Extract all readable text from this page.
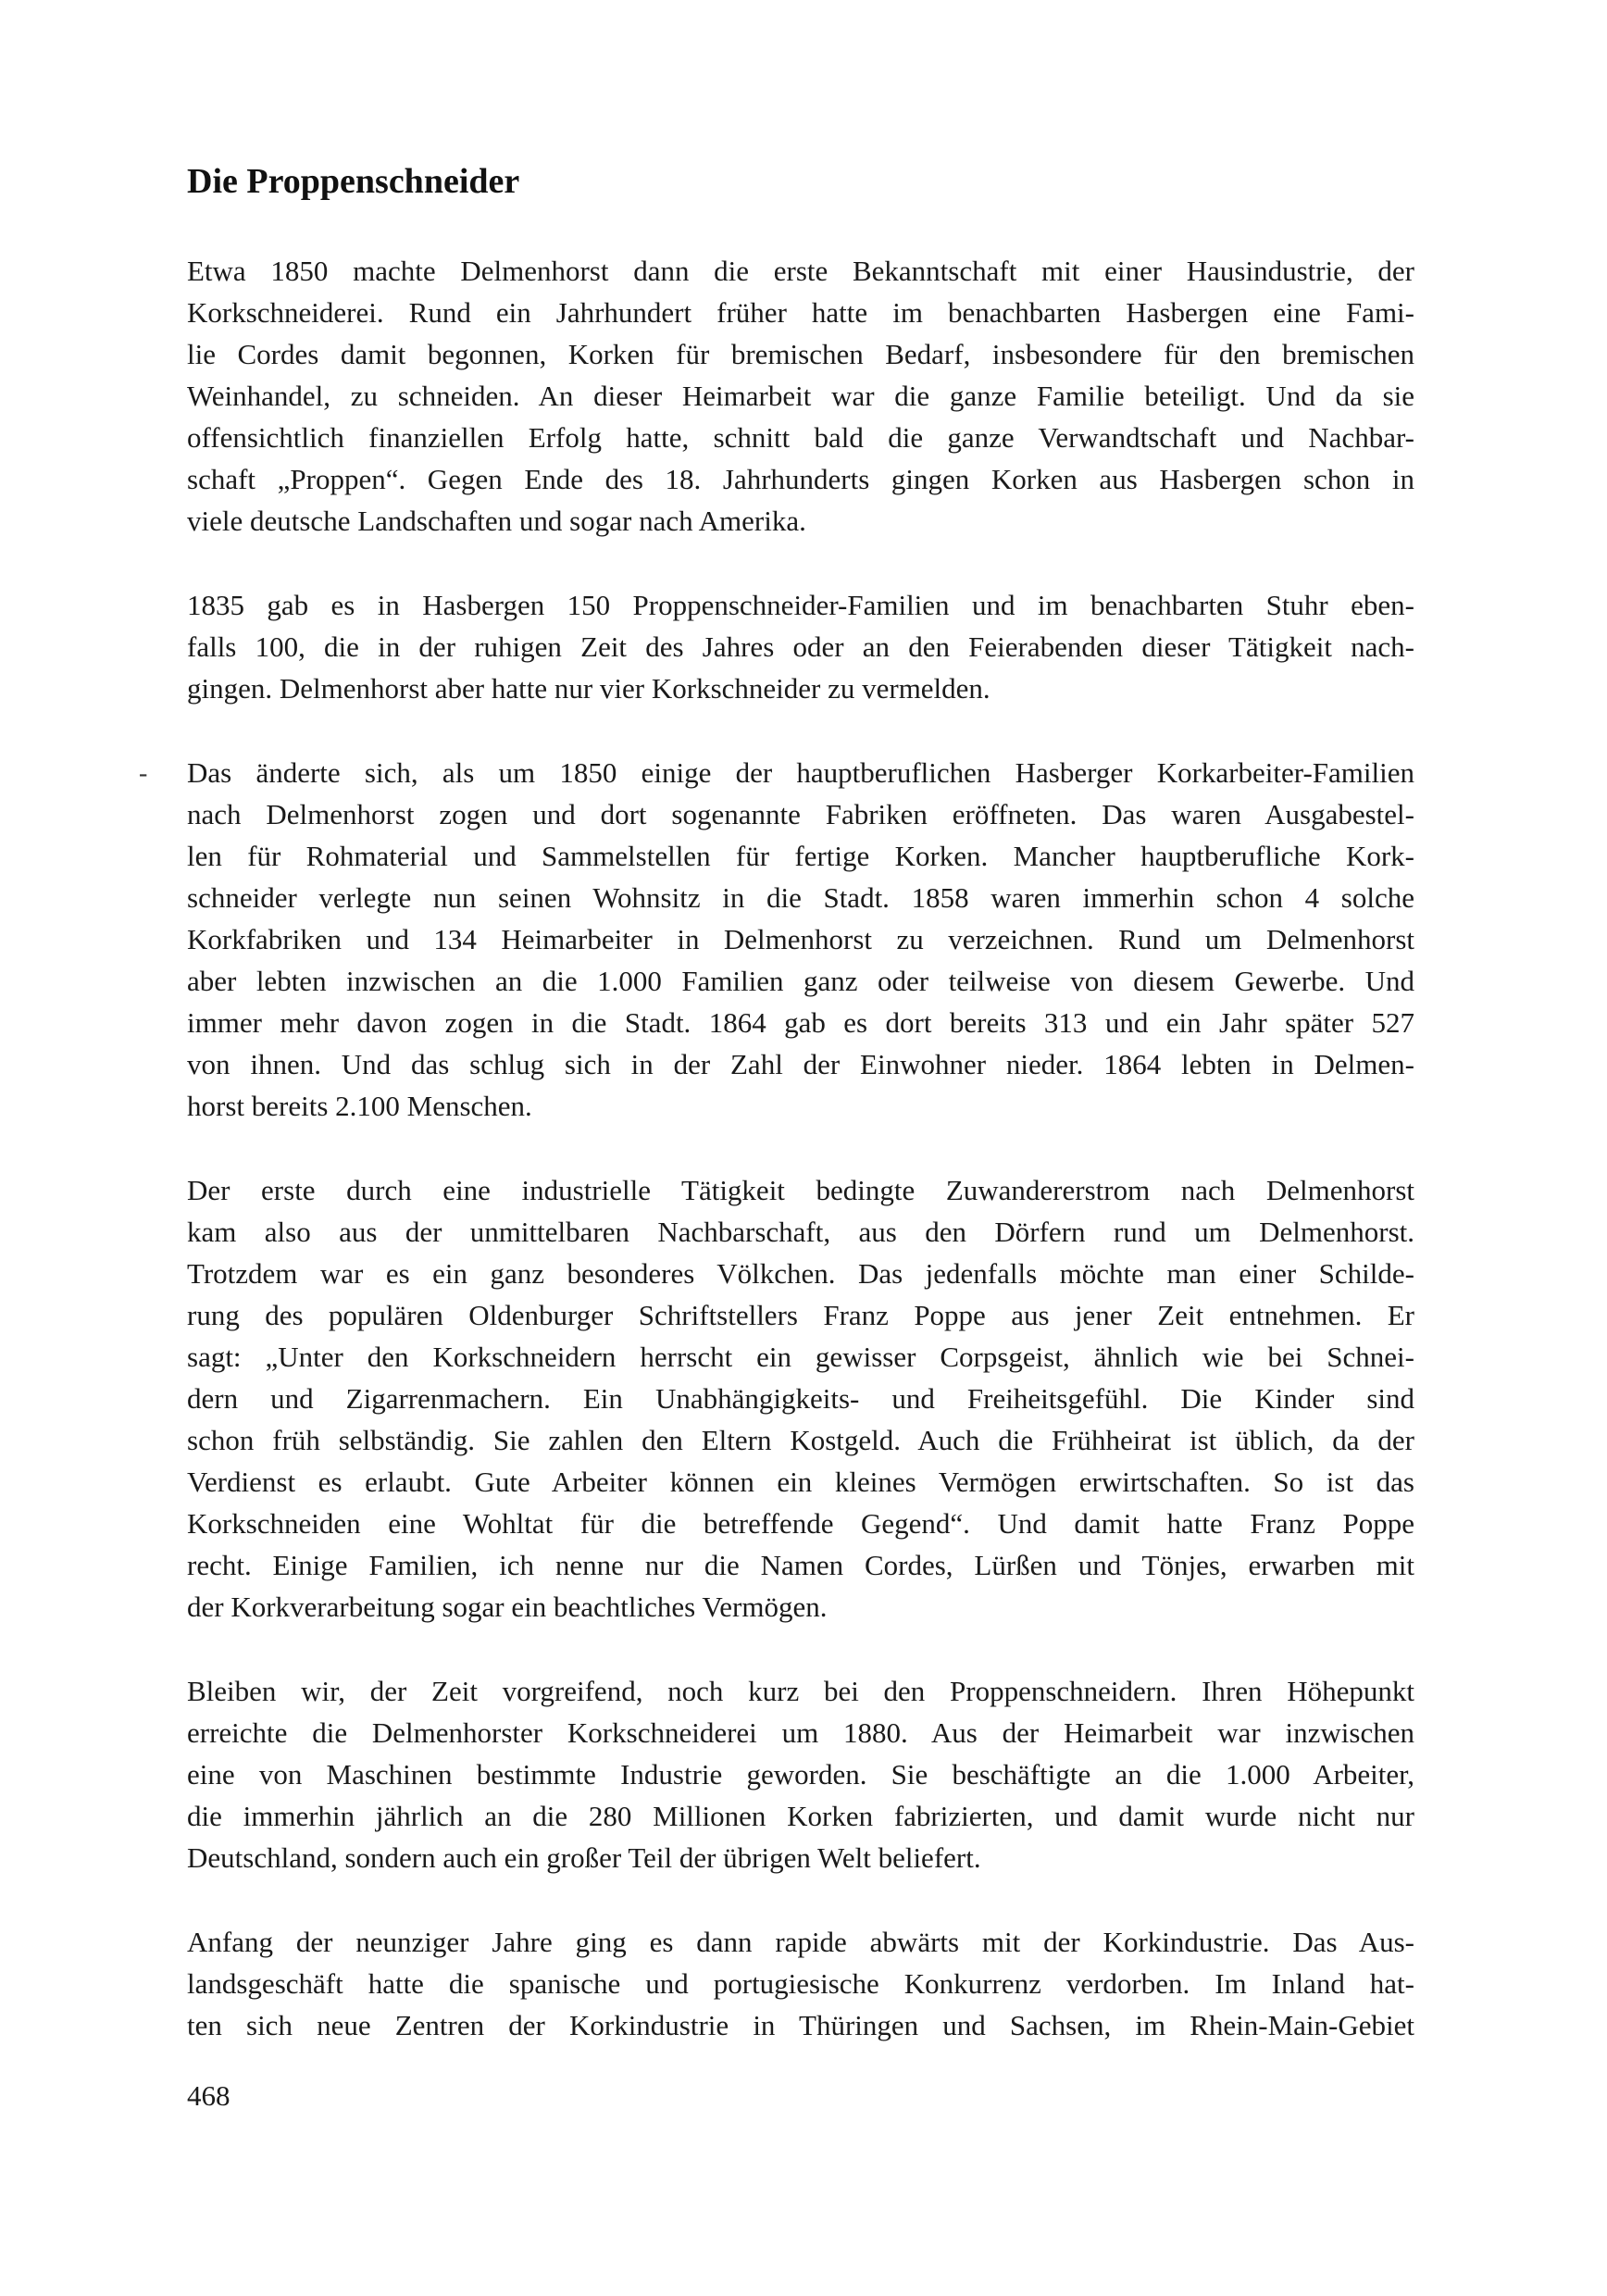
Die Proppenschneider
-

Etwa 1850 machte Delmenhorst dann die erste Bekanntschaft mit einer Hausindustrie, der
Korkschneiderei. Rund ein Jahrhundert früher hatte im benachbarten Hasbergen eine Fami-
lie Cordes damit begonnen, Korken für bremischen Bedarf, insbesondere für den bremischen
Weinhandel, zu schneiden. An dieser Heimarbeit war die ganze Familie beteiligt. Und da sie
offensichtlich finanziellen Erfolg hatte, schnitt bald die ganze Verwandtschaft und Nachbar-
schaft „Proppen“. Gegen Ende des 18. Jahrhunderts gingen Korken aus Hasbergen schon in
viele deutsche Landschaften und sogar nach Amerika.

1835 gab es in Hasbergen 150 Proppenschneider-Familien und im benachbarten Stuhr eben-
falls 100, die in der ruhigen Zeit des Jahres oder an den Feierabenden dieser Tätigkeit nach-
gingen. Delmenhorst aber hatte nur vier Korkschneider zu vermelden.

Das änderte sich, als um 1850 einige der hauptberuflichen Hasberger Korkarbeiter-Familien
nach Delmenhorst zogen und dort sogenannte Fabriken eröffneten. Das waren Ausgabestel-
len für Rohmaterial und Sammelstellen für fertige Korken. Mancher hauptberufliche Kork-
schneider verlegte nun seinen Wohnsitz in die Stadt. 1858 waren immerhin schon 4 solche
Korkfabriken und 134 Heimarbeiter in Delmenhorst zu verzeichnen. Rund um Delmenhorst
aber lebten inzwischen an die 1.000 Familien ganz oder teilweise von diesem Gewerbe. Und
immer mehr davon zogen in die Stadt. 1864 gab es dort bereits 313 und ein Jahr später 527
von ihnen. Und das schlug sich in der Zahl der Einwohner nieder. 1864 lebten in Delmen-
horst bereits 2.100 Menschen.

Der erste durch eine industrielle Tätigkeit bedingte Zuwandererstrom nach Delmenhorst
kam also aus der unmittelbaren Nachbarschaft, aus den Dörfern rund um Delmenhorst.
Trotzdem war es ein ganz besonderes Völkchen. Das jedenfalls möchte man einer Schilde-
rung des populären Oldenburger Schriftstellers Franz Poppe aus jener Zeit entnehmen. Er
sagt: „Unter den Korkschneidern herrscht ein gewisser Corpsgeist, ähnlich wie bei Schnei-
dern und Zigarrenmachern. Ein Unabhängigkeits- und Freiheitsgefühl. Die Kinder sind
schon früh selbständig. Sie zahlen den Eltern Kostgeld. Auch die Frühheirat ist üblich, da der
Verdienst es erlaubt. Gute Arbeiter können ein kleines Vermögen erwirtschaften. So ist das
Korkschneiden eine Wohltat für die betreffende Gegend“. Und damit hatte Franz Poppe
recht. Einige Familien, ich nenne nur die Namen Cordes, Lürßen und Tönjes, erwarben mit
der Korkverarbeitung sogar ein beachtliches Vermögen.

Bleiben wir, der Zeit vorgreifend, noch kurz bei den Proppenschneidern. Ihren Höhepunkt
erreichte die Delmenhorster Korkschneiderei um 1880. Aus der Heimarbeit war inzwischen
eine von Maschinen bestimmte Industrie geworden. Sie beschäftigte an die 1.000 Arbeiter,
die immerhin jährlich an die 280 Millionen Korken fabrizierten, und damit wurde nicht nur
Deutschland, sondern auch ein großer Teil der übrigen Welt beliefert.

Anfang der neunziger Jahre ging es dann rapide abwärts mit der Korkindustrie. Das Aus-
landsgeschäft hatte die spanische und portugiesische Konkurrenz verdorben. Im Inland hat-
ten sich neue Zentren der Korkindustrie in Thüringen und Sachsen, im Rhein-Main-Gebiet

468
